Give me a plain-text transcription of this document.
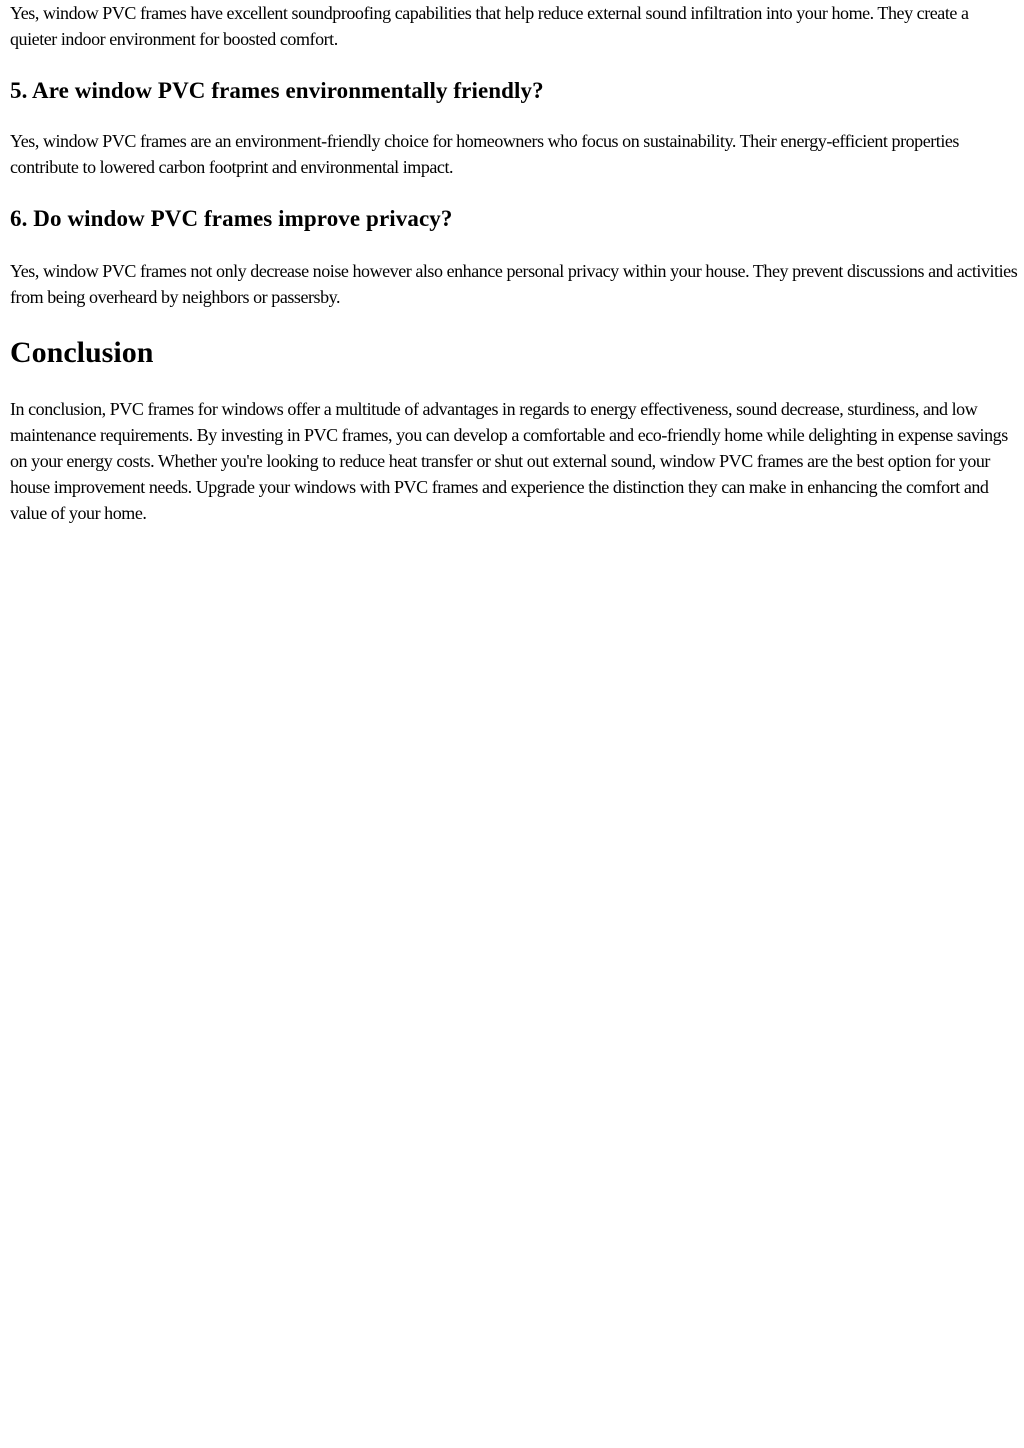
Yes, window PVC frames have excellent soundproofing capabilities that help reduce external sound infiltration into your home. They create a quieter indoor environment for boosted comfort.

5. Are window PVC frames environmentally friendly?

Yes, window PVC frames are an environment-friendly choice for homeowners who focus on sustainability. Their energy-efficient properties contribute to lowered carbon footprint and environmental impact.

6. Do window PVC frames improve privacy?

Yes, window PVC frames not only decrease noise however also enhance personal privacy within your house. They prevent discussions and activities from being overheard by neighbors or passersby.

Conclusion

In conclusion, PVC frames for windows offer a multitude of advantages in regards to energy effectiveness, sound decrease, sturdiness, and low maintenance requirements. By investing in PVC frames, you can develop a comfortable and eco-friendly home while delighting in expense savings on your energy costs. Whether you're looking to reduce heat transfer or shut out external sound, window PVC frames are the best option for your house improvement needs. Upgrade your windows with PVC frames and experience the distinction they can make in enhancing the comfort and value of your home.
